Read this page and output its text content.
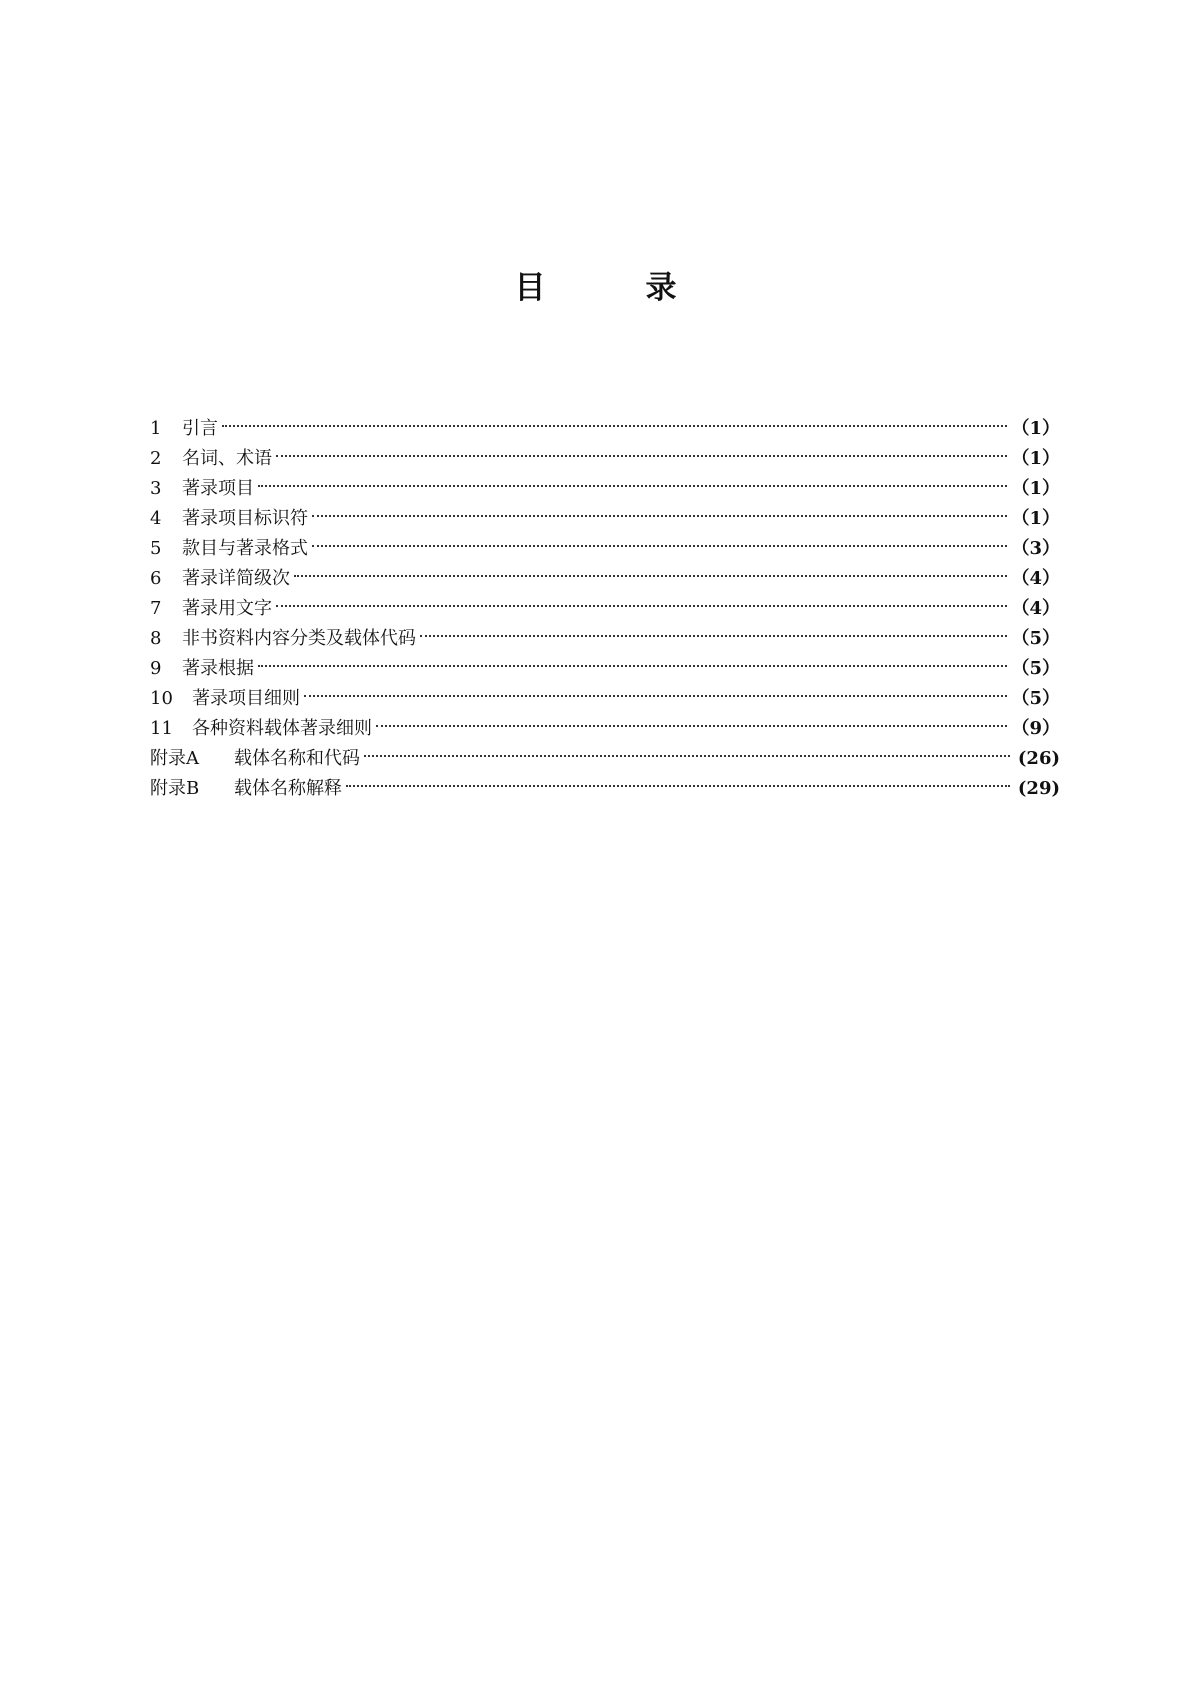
目	录
1	引言	（1）
2	名词、术语	（1）
3	著录项目	（1）
4	著录项目标识符	（1）
5	款目与著录格式	（3）
6	著录详简级次	（4）
7	著录用文字	（4）
8	非书资料内容分类及载体代码	（5）
9	著录根据	（5）
10	著录项目细则	（5）
11	各种资料载体著录细则	（9）
附录A	载体名称和代码	(26)
附录B	载体名称解释	(29)
